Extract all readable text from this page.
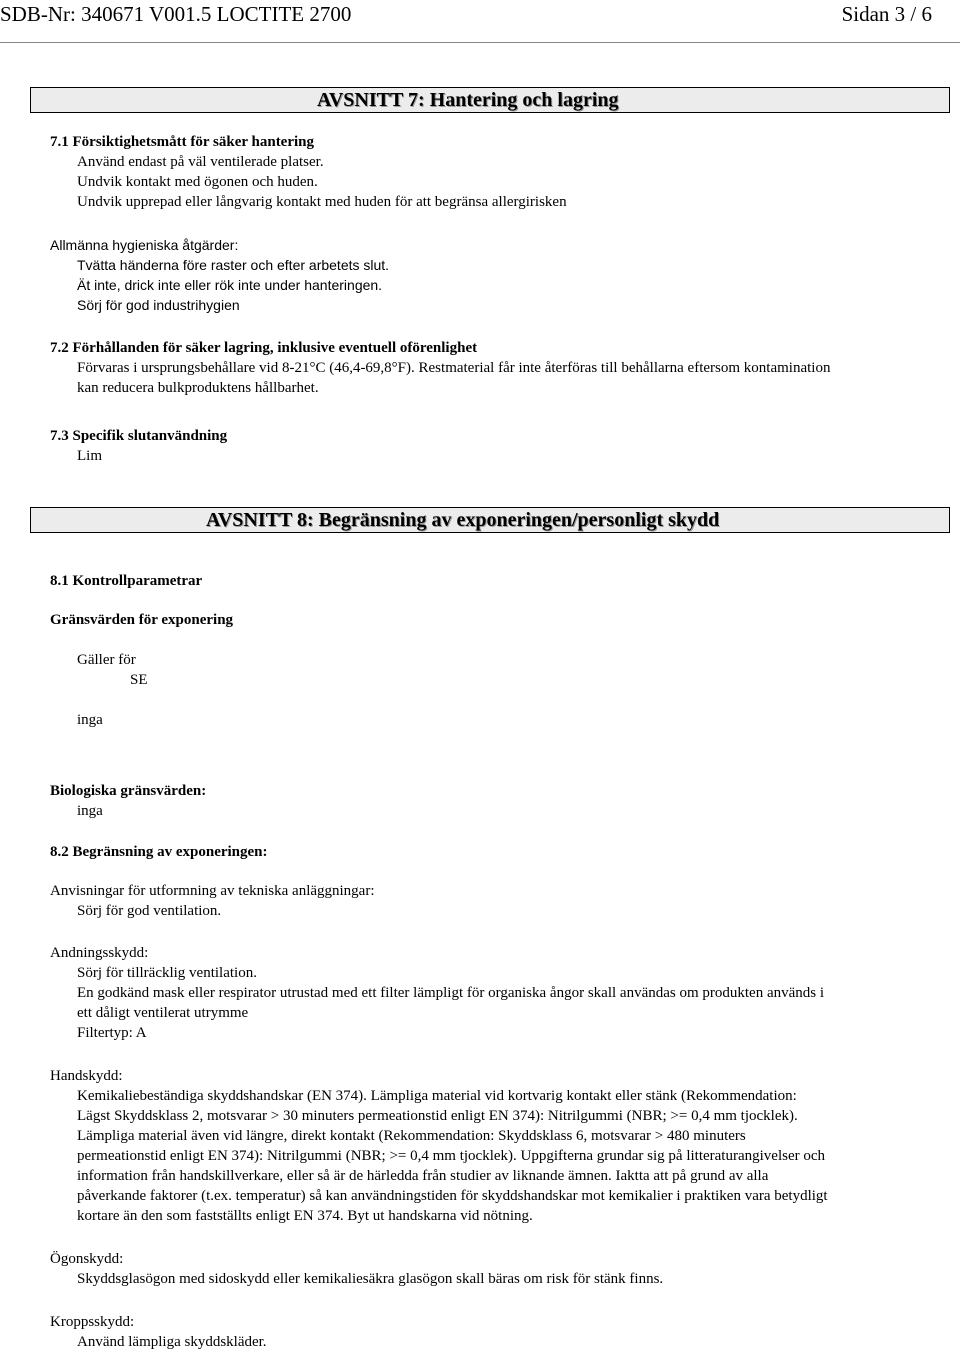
SDB-Nr: 340671 V001.5 LOCTITE 2700	Sidan 3 / 6
AVSNITT 7: Hantering och lagring
7.1 Försiktighetsmått för säker hantering
Använd endast på väl ventilerade platser.
Undvik kontakt med ögonen och huden.
Undvik upprepad eller långvarig kontakt med huden för att begränsa allergirisken
Allmänna hygieniska åtgärder:
Tvätta händerna före raster och efter arbetets slut.
Ät inte, drick inte eller rök inte under hanteringen.
Sörj för god industrihygien
7.2 Förhållanden för säker lagring, inklusive eventuell oförenlighet
Förvaras i ursprungsbehållare vid 8-21°C (46,4-69,8°F). Restmaterial får inte återföras till behållarna eftersom kontamination
kan reducera bulkproduktens hållbarhet.
7.3 Specifik slutanvändning
Lim
AVSNITT 8: Begränsning av exponeringen/personligt skydd
8.1 Kontrollparametrar
Gränsvärden för exponering
Gäller för
SE
inga
Biologiska gränsvärden:
inga
8.2 Begränsning av exponeringen:
Anvisningar för utformning av tekniska anläggningar:
Sörj för god ventilation.
Andningsskydd:
Sörj för tillräcklig ventilation.
En godkänd mask eller respirator utrustad med ett filter lämpligt för organiska ångor skall användas om produkten används i
ett dåligt ventilerat utrymme
Filtertyp: A
Handskydd:
Kemikaliebeständiga skyddshandskar (EN 374). Lämpliga material vid kortvarig kontakt eller stänk (Rekommendation:
Lägst Skyddsklass 2, motsvarar > 30 minuters permeationstid enligt EN 374): Nitrilgummi (NBR; >= 0,4 mm tjocklek).
Lämpliga material även vid längre, direkt kontakt (Rekommendation: Skyddsklass 6, motsvarar > 480 minuters
permeationstid enligt EN 374): Nitrilgummi (NBR; >= 0,4 mm tjocklek). Uppgifterna grundar sig på litteraturangivelser och
information från handskillverkare, eller så är de härledda från studier av liknande ämnen. Iaktta att på grund av alla
påverkande faktorer (t.ex. temperatur) så kan användningstiden för skyddshandskar mot kemikalier i praktiken vara betydligt
kortare än den som fastställts enligt EN 374. Byt ut handskarna vid nötning.
Ögonskydd:
Skyddsglasögon med sidoskydd eller kemikaliesäkra glasögon skall bäras om risk för stänk finns.
Kroppsskydd:
Använd lämpliga skyddskläder.
